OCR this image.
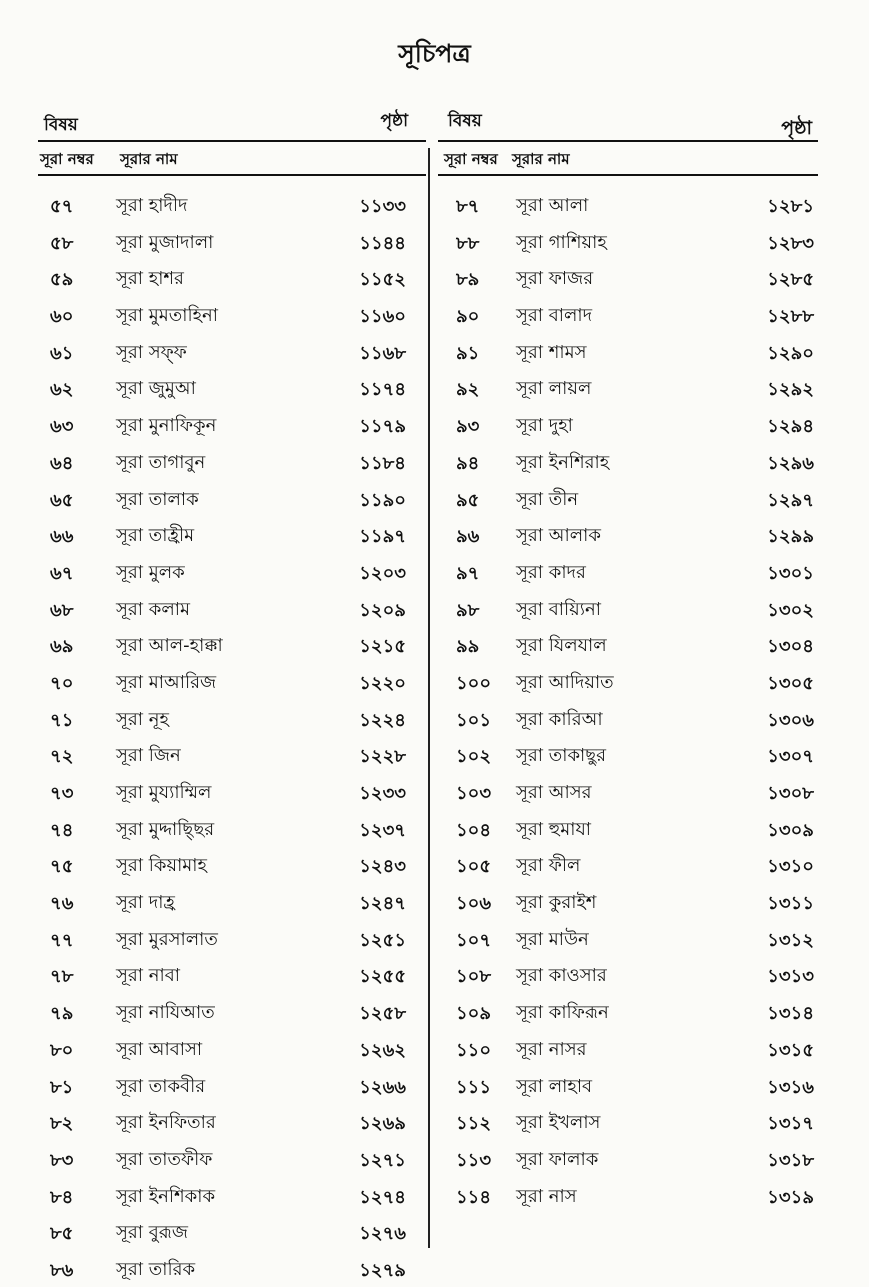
সূচিপত্র
বিষয়	পৃষ্ঠা
সূরা নম্বর সূরার নাম
৫৭ সূরা হাদীদ	১১৩৩
৫৮ সূরা মুজাদালা	১১৪৪
৫৯ সূরা হাশর	১১৫২
৬০ সূরা মুমতাহিনা	১১৬০
৬১ সূরা সফ্ফ	১১৬৮
৬২ সূরা জুমুআ	১১৭৪
৬৩ সূরা মুনাফিকূন	১১৭৯
৬৪ সূরা তাগাবুন	১১৮৪
৬৫ সূরা তালাক	১১৯০
৬৬ সূরা তাহ্রীম	১১৯৭
৬৭ সূরা মুলক	১২০৩
৬৮ সূরা কলাম	১২০৯
৬৯ সূরা আল-হাক্কা	১২১৫
৭০ সূরা মাআরিজ	১২২০
৭১ সূরা নূহ	১২২৪
৭২ সূরা জিন	১২২৮
৭৩ সূরা মুয্যাম্মিল	১২৩৩
৭৪ সূরা মুদ্দাছ্ছির	১২৩৭
৭৫ সূরা কিয়ামাহ	১২৪৩
৭৬ সূরা দাহ্র	১২৪৭
৭৭ সূরা মুরসালাত	১২৫১
৭৮ সূরা নাবা	১২৫৫
৭৯ সূরা নাযিআত	১২৫৮
৮০ সূরা আবাসা	১২৬২
৮১ সূরা তাকবীর	১২৬৬
৮২ সূরা ইনফিতার	১২৬৯
৮৩ সূরা তাতফীফ	১২৭১
৮৪ সূরা ইনশিকাক	১২৭৪
৮৫ সূরা বুরূজ	১২৭৬
৮৬ সূরা তারিক	১২৭৯
বিষয়	পৃষ্ঠা
সূরা নম্বর সূরার নাম
৮৭ সূরা আলা	১২৮১
৮৮ সূরা গাশিয়াহ	১২৮৩
৮৯ সূরা ফাজর	১২৮৫
৯০ সূরা বালাদ	১২৮৮
৯১ সূরা শামস	১২৯০
৯২ সূরা লায়ল	১২৯২
৯৩ সূরা দুহা	১২৯৪
৯৪ সূরা ইনশিরাহ	১২৯৬
৯৫ সূরা তীন	১২৯৭
৯৬ সূরা আলাক	১২৯৯
৯৭ সূরা কাদর	১৩০১
৯৮ সূরা বায়্যিনা	১৩০২
৯৯ সূরা যিলযাল	১৩০৪
১০০ সূরা আদিয়াত	১৩০৫
১০১ সূরা কারিআ	১৩০৬
১০২ সূরা তাকাছুর	১৩০৭
১০৩ সূরা আসর	১৩০৮
১০৪ সূরা হুমাযা	১৩০৯
১০৫ সূরা ফীল	১৩১০
১০৬ সূরা কুরাইশ	১৩১১
১০৭ সূরা মাউন	১৩১২
১০৮ সূরা কাওসার	১৩১৩
১০৯ সূরা কাফিরূন	১৩১৪
১১০ সূরা নাসর	১৩১৫
১১১ সূরা লাহাব	১৩১৬
১১২ সূরা ইখলাস	১৩১৭
১১৩ সূরা ফালাক	১৩১৮
১১৪ সূরা নাস	১৩১৯
